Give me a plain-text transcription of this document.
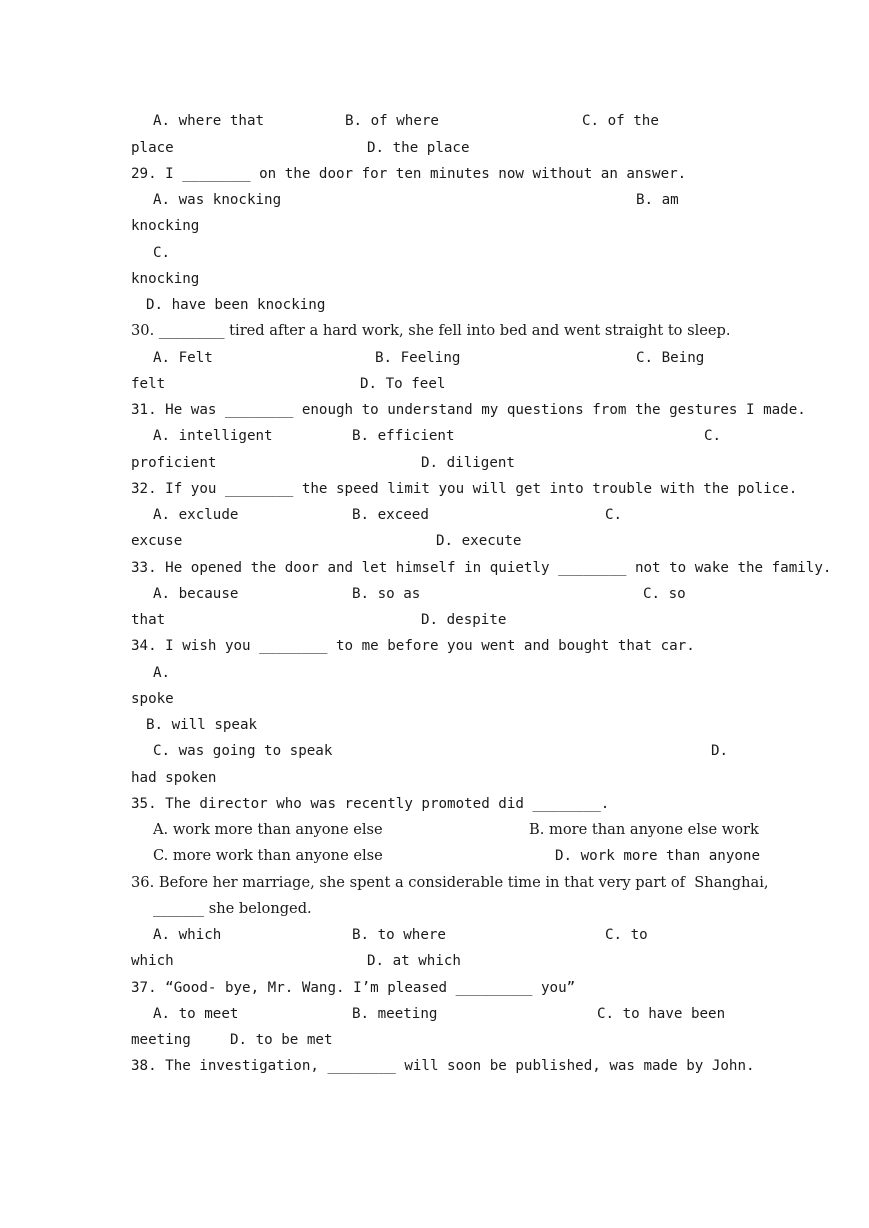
A. where that	B. of where	C. of the
place	D. the place
29. I ________ on the door for ten minutes now without an answer.
A. was knocking	B. am
knocking
C.
knocking
D. have been knocking
30. _________ tired after a hard work, she fell into bed and went straight to sleep.
A. Felt	B. Feeling	C. Being
felt	D. To feel
31. He was ________ enough to understand my questions from the gestures I made.
A. intelligent	B. efficient	C.
proficient	D. diligent
32. If you ________ the speed limit you will get into trouble with the police.
A. exclude	B. exceed	C.
excuse	D. execute
33. He opened the door and let himself in quietly ________ not to wake the family.
A. because	B. so as	C. so
that	D. despite
34. I wish you ________ to me before you went and bought that car.
A.
spoke
B. will speak
C. was going to speak	D.
had spoken
35. The director who was recently promoted did ________.
A. work more than anyone else	B. more than anyone else work
C. more work than anyone else	D. work more than anyone
36. Before her marriage, she spent a considerable time in that very part of  Shanghai,
_______ she belonged.
A. which	B. to where	C. to
which	D. at which
37. “Good- bye, Mr. Wang. I’m pleased _________ you”
A. to meet	B. meeting	C. to have been
meeting	D. to be met
38. The investigation, ________ will soon be published, was made by John.
